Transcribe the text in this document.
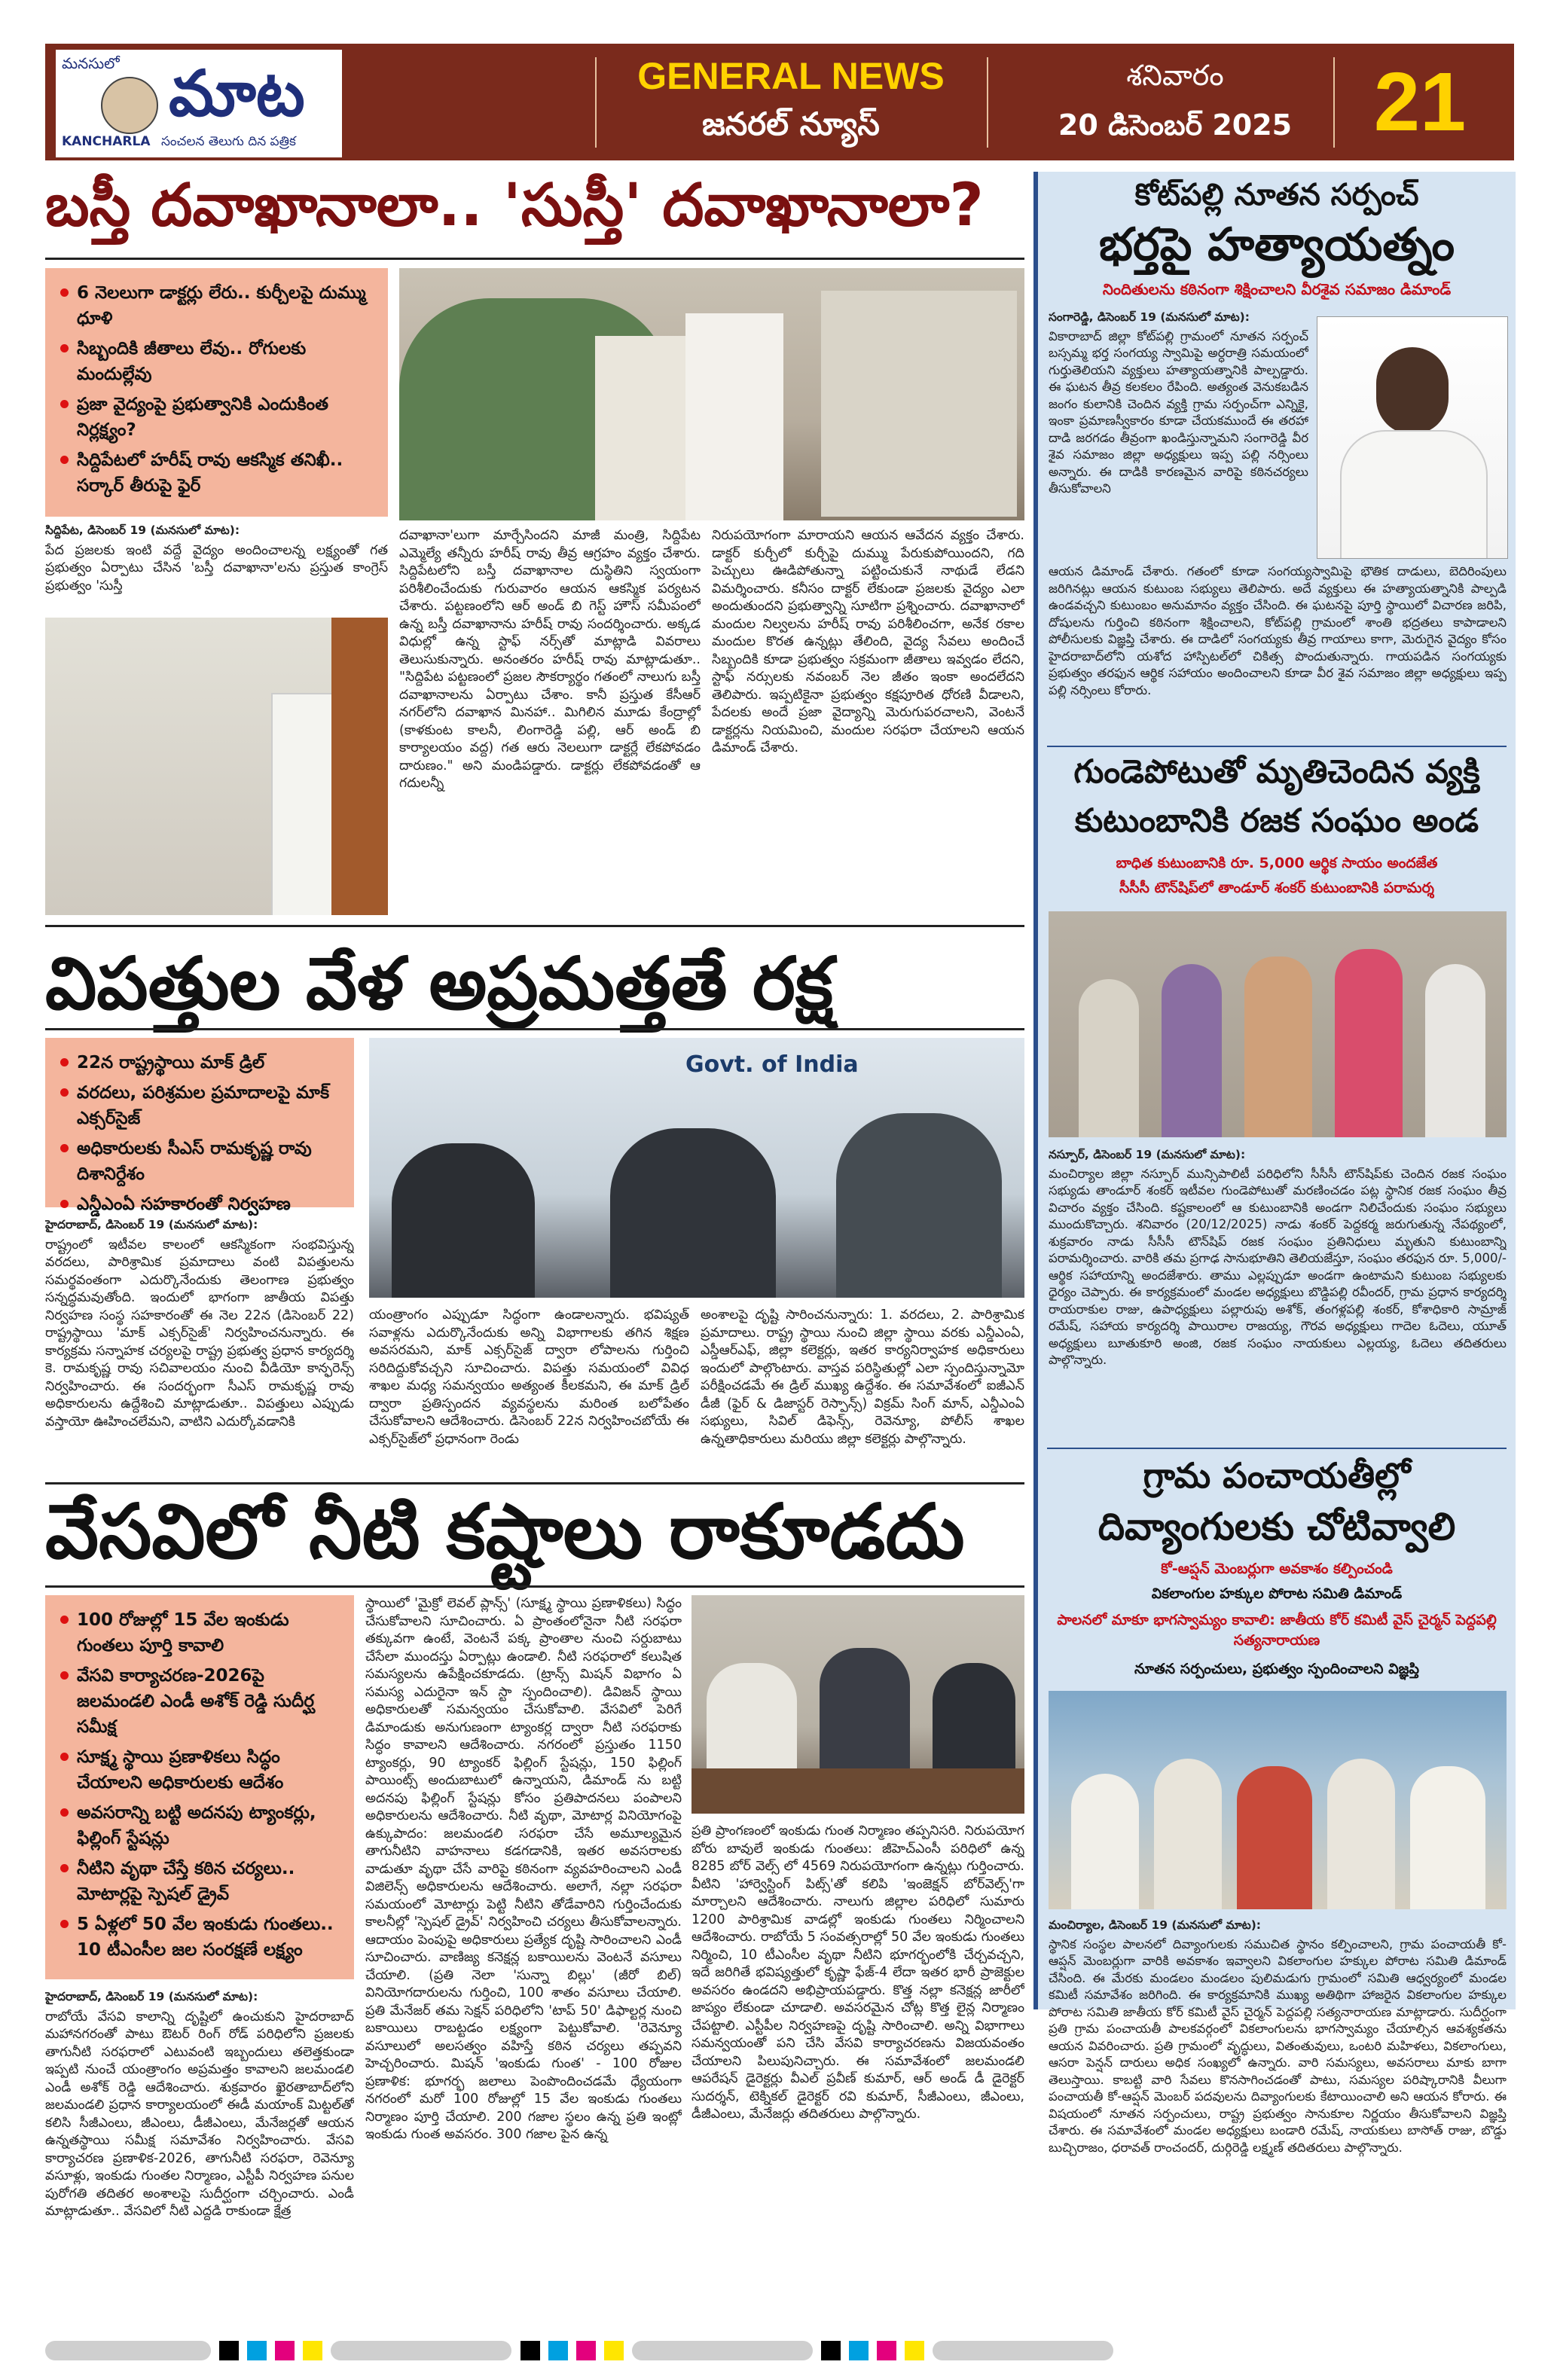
మనసులో మాట
KANCHARLA సంచలన తెలుగు దిన పత్రిక
GENERAL NEWS
జనరల్ న్యూస్
శనివారం
20 డిసెంబర్ 2025 21
బస్తీ దవాఖానాలా.. 'సుస్తీ' దవాఖానాలా?
6 నెలలుగా డాక్టర్లు లేరు.. కుర్చీలపై దుమ్ము ధూళి
సిబ్బందికి జీతాలు లేవు.. రోగులకు మందుల్లేవు
ప్రజా వైద్యంపై ప్రభుత్వానికి ఎందుకింత నిర్లక్ష్యం?
సిద్దిపేటలో హరీష్ రావు ఆకస్మిక తనిఖీ.. సర్కార్ తీరుపై ఫైర్
సిద్దిపేట, డిసెంబర్ 19 (మనసులో మాట):
పేద ప్రజలకు ఇంటి వద్దే వైద్యం అందించాలన్న లక్ష్యంతో గత ప్రభుత్వం ఏర్పాటు చేసిన 'బస్తీ దవాఖానా'లను ప్రస్తుత కాంగ్రెస్ ప్రభుత్వం 'సుస్తీ
దవాఖానా'లుగా మార్చేసిందని మాజీ మంత్రి, సిద్దిపేట ఎమ్మెల్యే తన్నీరు హరీష్ రావు తీవ్ర ఆగ్రహం వ్యక్తం చేశారు. సిద్దిపేటలోని బస్తీ దవాఖానాల దుస్థితిని స్వయంగా పరిశీలించేందుకు గురువారం ఆయన ఆకస్మిక పర్యటన చేశారు. పట్టణంలోని ఆర్ అండ్ బి గెస్ట్ హౌస్ సమీపంలో ఉన్న బస్తీ దవాఖానాను హరీష్ రావు సందర్శించారు. అక్కడ విధుల్లో ఉన్న స్టాఫ్ నర్స్‌తో మాట్లాడి వివరాలు తెలుసుకున్నారు. అనంతరం హరీష్ రావు మాట్లాడుతూ.. "సిద్దిపేట పట్టణంలో ప్రజల సౌకర్యార్థం గతంలో నాలుగు బస్తీ దవాఖానాలను ఏర్పాటు చేశాం. కానీ ప్రస్తుత కేసీఆర్ నగర్‌లోని దవాఖాన మినహా.. మిగిలిన మూడు కేంద్రాల్లో (కాళకుంట కాలనీ, లింగారెడ్డి పల్లి, ఆర్ అండ్ బి కార్యాలయం వద్ద) గత ఆరు నెలలుగా డాక్టర్లే లేకపోవడం దారుణం." అని మండిపడ్డారు. డాక్టర్లు లేకపోవడంతో ఆ గదులన్నీ
నిరుపయోగంగా మారాయని ఆయన ఆవేదన వ్యక్తం చేశారు. డాక్టర్ కుర్చీలో కుర్చీపై దుమ్ము పేరుకుపోయిందని, గది పెచ్చులు ఊడిపోతున్నా పట్టించుకునే నాథుడే లేడని విమర్శించారు. కనీసం దాక్టర్ లేకుండా ప్రజలకు వైద్యం ఎలా అందుతుందని ప్రభుత్వాన్ని సూటిగా ప్రశ్నించారు. దవాఖానాలో మందుల నిల్వలను హరీష్ రావు పరిశీలించగా, అనేక రకాల మందుల కొరత ఉన్నట్లు తేలింది, వైద్య సేవలు అందించే సిబ్బందికి కూడా ప్రభుత్వం సక్రమంగా జీతాలు ఇవ్వడం లేదని, స్టాఫ్ నర్సులకు నవంబర్ నెల జీతం ఇంకా అందలేదని తెలిపారు. ఇప్పటికైనా ప్రభుత్వం కక్షపూరిత ధోరణి వీడాలని, పేదలకు అందే ప్రజా వైద్యాన్ని మెరుగుపరచాలని, వెంటనే డాక్టర్లను నియమించి, మందుల సరఫరా చేయాలని ఆయన డిమాండ్ చేశారు.
విపత్తుల వేళ అప్రమత్తతే రక్ష
22న రాష్ట్రస్థాయి మాక్ డ్రిల్
వరదలు, పరిశ్రమల ప్రమాదాలపై మాక్ ఎక్సర్‌సైజ్
అధికారులకు సీఎస్ రామకృష్ణ రావు దిశానిర్దేశం
ఎన్డీఎంఏ సహకారంతో నిర్వహణ
Govt. of India
హైదరాబాద్, డిసెంబర్ 19 (మనసులో మాట):
రాష్ట్రంలో ఇటీవల కాలంలో ఆకస్మికంగా సంభవిస్తున్న వరదలు, పారిశ్రామిక ప్రమాదాలు వంటి విపత్తులను సమర్థవంతంగా ఎదుర్కొనేందుకు తెలంగాణ ప్రభుత్వం సన్నద్ధమవుతోంది. ఇందులో భాగంగా జాతీయ విపత్తు నిర్వహణ సంస్థ సహకారంతో ఈ నెల 22న (డిసెంబర్ 22) రాష్ట్రస్థాయి 'మాక్ ఎక్సర్‌సైజ్' నిర్వహించనున్నారు. ఈ కార్యక్రమ సన్నాహక చర్యలపై రాష్ట్ర ప్రభుత్వ ప్రధాన కార్యదర్శి కె. రామకృష్ణ రావు సచివాలయం నుంచి వీడియో కాన్ఫరెన్స్ నిర్వహించారు. ఈ సందర్భంగా సీఎస్ రామకృష్ణ రావు అధికారులను ఉద్దేశించి మాట్లాడుతూ.. విపత్తులు ఎప్పుడు వస్తాయో ఊహించలేమని, వాటిని ఎదుర్కోవడానికి
యంత్రాంగం ఎప్పుడూ సిద్ధంగా ఉండాలన్నారు. భవిష్యత్ సవాళ్లను ఎదుర్కొనేందుకు అన్ని విభాగాలకు తగిన శిక్షణ అవసరమని, మాక్ ఎక్సర్‌సైజ్ ద్వారా లోపాలను గుర్తించి సరిదిద్దుకోవచ్చని సూచించారు. విపత్తు సమయంలో వివిధ శాఖల మధ్య సమన్వయం అత్యంత కీలకమని, ఈ మాక్ డ్రిల్ ద్వారా ప్రతిస్పందన వ్యవస్థలను మరింత బలోపేతం చేసుకోవాలని ఆదేశించారు. డిసెంబర్ 22న నిర్వహించబోయే ఈ ఎక్సర్‌సైజ్‌లో ప్రధానంగా రెండు
అంశాలపై దృష్టి సారించనున్నారు: 1. వరదలు, 2. పారిశ్రామిక ప్రమాదాలు. రాష్ట్ర స్థాయి నుంచి జిల్లా స్థాయి వరకు ఎన్డీఎంఏ, ఎస్డీఆర్ఎఫ్, జిల్లా కలెక్టర్లు, ఇతర కార్యనిర్వాహక అధికారులు ఇందులో పాల్గొంటారు. వాస్తవ పరిస్థితుల్లో ఎలా స్పందిస్తున్నామో పరీక్షించడమే ఈ డ్రిల్ ముఖ్య ఉద్దేశం. ఈ సమావేశంలో ఐజీఎన్ డీజీ (ఫైర్ & డిజాస్టర్ రెస్పాన్స్) విక్రమ్ సింగ్ మాన్, ఎన్డీఎంఏ సభ్యులు, సివిల్ డిఫెన్స్, రెవెన్యూ, పోలీస్ శాఖల ఉన్నతాధికారులు మరియు జిల్లా కలెక్టర్లు పాల్గొన్నారు.
వేసవిలో నీటి కష్టాలు రాకూడదు
100 రోజుల్లో 15 వేల ఇంకుడు గుంతలు పూర్తి కావాలి
వేసవి కార్యాచరణ-2026పై జలమండలి ఎండీ అశోక్ రెడ్డి సుదీర్ఘ సమీక్ష
సూక్ష్మ స్థాయి ప్రణాళికలు సిద్ధం చేయాలని అధికారులకు ఆదేశం
అవసరాన్ని బట్టి అదనపు ట్యాంకర్లు, ఫిల్లింగ్ స్టేషన్లు
నీటిని వృథా చేస్తే కఠిన చర్యలు.. మోటార్లపై స్పెషల్ డ్రైవ్
5 ఏళ్లలో 50 వేల ఇంకుడు గుంతలు.. 10 టీఎంసీల జల సంరక్షణే లక్ష్యం
హైదరాబాద్, డిసెంబర్ 19 (మనసులో మాట):
రాబోయే వేసవి కాలాన్ని దృష్టిలో ఉంచుకుని హైదరాబాద్ మహానగరంతో పాటు ఔటర్ రింగ్ రోడ్ పరిధిలోని ప్రజలకు తాగునీటి సరఫరాలో ఎటువంటి ఇబ్బందులు తలెత్తకుండా ఇప్పటి నుంచే యంత్రాంగం అప్రమత్తం కావాలని జలమండలి ఎండీ అశోక్ రెడ్డి ఆదేశించారు. శుక్రవారం ఖైరతాబాద్‌లోని జలమండలి ప్రధాన కార్యాలయంలో ఈడీ మయాంక్ మిట్టల్‌తో కలిసి సీజీఎంలు, జీఎంలు, డీజీఎంలు, మేనేజర్లతో ఆయన ఉన్నతస్థాయి సమీక్ష సమావేశం నిర్వహించారు. వేసవి కార్యాచరణ ప్రణాళిక-2026, తాగునీటి సరఫరా, రెవెన్యూ వసూళ్లు, ఇంకుడు గుంతల నిర్మాణం, ఎస్టీపీ నిర్వహణ పనుల పురోగతి తదితర అంశాలపై సుదీర్ఘంగా చర్చించారు. ఎండీ మాట్లాడుతూ.. వేసవిలో నీటి ఎద్దడి రాకుండా క్షేత్ర
స్థాయిలో 'మైక్రో లెవల్ ప్లాన్స్' (సూక్ష్మ స్థాయి ప్రణాళికలు) సిద్ధం చేసుకోవాలని సూచించారు. ఏ ప్రాంతంలోనైనా నీటి సరఫరా తక్కువగా ఉంటే, వెంటనే పక్క ప్రాంతాల నుంచి సర్దుబాటు చేసేలా ముందస్తు ఏర్పాట్లు ఉండాలి. నీటి సరఫరాలో కలుషిత సమస్యలను ఉపేక్షించకూడదు. (ట్రాన్స్ మిషన్ విభాగం ఏ సమస్య ఎదురైనా ఇన్ స్టా స్పందించాలి). డివిజన్ స్థాయి అధికారులతో సమన్వయం చేసుకోవాలి. వేసవిలో పెరిగే డిమాండుకు అనుగుణంగా ట్యాంకర్ల ద్వారా నీటి సరఫరాకు సిద్ధం కావాలని ఆదేశించారు. నగరంలో ప్రస్తుతం 1150 ట్యాంకర్లు, 90 ట్యాంకర్ ఫిల్లింగ్ స్టేషన్లు, 150 ఫిల్లింగ్ పాయింట్స్ అందుబాటులో ఉన్నాయని, డిమాండ్ ను బట్టి అదనపు ఫిల్లింగ్ స్టేషన్లు కోసం ప్రతిపాదనలు పంపాలని అధికారులను ఆదేశించారు. నీటి వృథా, మోటార్ల వినియోగంపై ఉక్కుపాదం: జలమండలి సరఫరా చేసే అమూల్యమైన తాగునీటిని వాహనాలు కడగడానికి, ఇతర అవసరాలకు వాడుతూ వృథా చేసే వారిపై కఠినంగా వ్యవహరించాలని ఎండీ విజిలెన్స్ అధికారులను ఆదేశించారు. అలాగే, నల్లా సరఫరా సమయంలో మోటార్లు పెట్టి నీటిని తోడేవారిని గుర్తించేందుకు కాలనీల్లో 'స్పెషల్ డ్రైవ్' నిర్వహించి చర్యలు తీసుకోవాలన్నారు. ఆదాయం పెంపుపై అధికారులు ప్రత్యేక దృష్టి సారించాలని ఎండీ సూచించారు. వాణిజ్య కనెక్షన్ల బకాయిలను వెంటనే వసూలు చేయాలి. (ప్రతి నెలా 'సున్నా బిల్లు' (జీరో బిల్) వినియోగదారులను గుర్తించి, 100 శాతం వసూలు చేయాలి. ప్రతి మేనేజర్ తమ సెక్షన్ పరిధిలోని 'టాప్ 50' డిఫాల్టర్ల నుంచి బకాయిలు రాబట్టడం లక్ష్యంగా పెట్టుకోవాలి. 'రెవెన్యూ వసూలులో అలసత్వం వహిస్తే కఠిన చర్యలు తప్పవని హెచ్చరించారు. మిషన్ 'ఇంకుడు గుంత' - 100 రోజుల ప్రణాళిక: భూగర్భ జలాలు పెంపొందించడమే ధ్యేయంగా నగరంలో మరో 100 రోజుల్లో 15 వేల ఇంకుడు గుంతలు నిర్మాణం పూర్తి చేయాలి. 200 గజాల స్థలం ఉన్న ప్రతి ఇంట్లో ఇంకుడు గుంత అవసరం. 300 గజాల పైన ఉన్న
ప్రతి ప్రాంగణంలో ఇంకుడు గుంత నిర్మాణం తప్పనిసరి. నిరుపయోగ బోరు బావులే ఇంకుడు గుంతలు: జీహెచ్ఎంసీ పరిధిలో ఉన్న 8285 బోర్ వెల్స్ లో 4569 నిరుపయోగంగా ఉన్నట్లు గుర్తించారు. వీటిని 'హార్వెస్టింగ్ పిట్స్'తో కలిపి 'ఇంజెక్షన్ బోర్‌వెల్స్'గా మార్చాలని ఆదేశించారు. నాలుగు జిల్లాల పరిధిలో సుమారు 1200 పారిశ్రామిక వాడల్లో ఇంకుడు గుంతలు నిర్మించాలని ఆదేశించారు. రాబోయే 5 సంవత్సరాల్లో 50 వేల ఇంకుడు గుంతలు నిర్మించి, 10 టీఎంసీల వృథా నీటిని భూగర్భంలోకి చేర్చవచ్చని, ఇదే జరిగితే భవిష్యత్తులో కృష్ణా ఫేజ్-4 లేదా ఇతర భారీ ప్రాజెక్టుల అవసరం ఉండదని అభిప్రాయపడ్డారు. కొత్త నల్లా కనెక్షన్ల జారీలో జాప్యం లేకుండా చూడాలి. అవసరమైన చోట్ల కొత్త లైన్ల నిర్మాణం చేపట్టాలి. ఎస్టీపీల నిర్వహణపై దృష్టి సారించాలి. అన్ని విభాగాలు సమన్వయంతో పని చేసి వేసవి కార్యాచరణను విజయవంతం చేయాలని పిలుపునిచ్చారు. ఈ సమావేశంలో జలమండలి ఆపరేషన్ డైరెక్టర్లు వీఎల్ ప్రవీణ్ కుమార్, ఆర్ అండ్ డీ డైరెక్టర్ సుదర్శన్, టెక్నికల్ డైరెక్టర్ రవి కుమార్, సీజీఎంలు, జీఎంలు, డీజీఎంలు, మేనేజర్లు తదితరులు పాల్గొన్నారు.
కోట్‌పల్లి నూతన సర్పంచ్
భర్తపై హత్యాయత్నం
నిందితులను కఠినంగా శిక్షించాలని వీరశైవ సమాజం డిమాండ్
సంగారెడ్డి, డిసెంబర్ 19 (మనసులో మాట):
వికారాబాద్ జిల్లా కోట్‌పల్లి గ్రామంలో నూతన సర్పంచ్ బస్సమ్మ భర్త సంగయ్య స్వామిపై అర్ధరాత్రి సమయంలో గుర్తుతెలియని వ్యక్తులు హత్యాయత్నానికి పాల్పడ్డారు. ఈ ఘటన తీవ్ర కలకలం రేపింది. అత్యంత వెనుకబడిన జంగం కులానికి చెందిన వ్యక్తి గ్రామ సర్పంచ్‌గా ఎన్నికై, ఇంకా ప్రమాణస్వీకారం కూడా చేయకముందే ఈ తరహా దాడి జరగడం తీవ్రంగా ఖండిస్తున్నామని సంగారెడ్డి వీర శైవ సమాజం జిల్లా అధ్యక్షులు ఇప్ప పల్లి నర్సింలు అన్నారు. ఈ దాడికి కారణమైన వారిపై కఠినచర్యలు తీసుకోవాలని
ఆయన డిమాండ్ చేశారు. గతంలో కూడా సంగయ్యస్వామిపై భౌతిక దాడులు, బెదిరింపులు జరిగినట్లు ఆయన కుటుంబ సభ్యులు తెలిపారు. అదే వ్యక్తులు ఈ హత్యాయత్నానికి పాల్పడి ఉండవచ్చని కుటుంబం అనుమానం వ్యక్తం చేసింది. ఈ ఘటనపై పూర్తి స్థాయిలో విచారణ జరిపి, దోషులను గుర్తించి కఠినంగా శిక్షించాలని, కోట్‌పల్లి గ్రామంలో శాంతి భద్రతలు కాపాడాలని పోలీసులకు విజ్ఞప్తి చేశారు. ఈ దాడిలో సంగయ్యకు తీవ్ర గాయాలు కాగా, మెరుగైన వైద్యం కోసం హైదరాబాద్‌లోని యశోద హాస్పిటల్‌లో చికిత్స పొందుతున్నారు. గాయపడిన సంగయ్యకు ప్రభుత్వం తరఫున ఆర్థిక సహాయం అందించాలని కూడా వీర శైవ సమాజం జిల్లా అధ్యక్షులు ఇప్ప పల్లి నర్సింలు కోరారు.
గుండెపోటుతో మృతిచెందిన వ్యక్తి
కుటుంబానికి రజక సంఘం అండ
బాధిత కుటుంబానికి రూ. 5,000 ఆర్థిక సాయం అందజేత
సీసీసీ టౌన్‌షిప్‌లో తాండూర్ శంకర్ కుటుంబానికి పరామర్శ
నస్పూర్, డిసెంబర్ 19 (మనసులో మాట):
మంచిర్యాల జిల్లా నస్పూర్ మున్సిపాలిటీ పరిధిలోని సీసీసీ టౌన్‌షిప్‌కు చెందిన రజక సంఘం సభ్యుడు తాండూర్ శంకర్ ఇటీవల గుండెపోటుతో మరణించడం పట్ల స్థానిక రజక సంఘం తీవ్ర విచారం వ్యక్తం చేసింది. కష్టకాలంలో ఆ కుటుంబానికి అండగా నిలిచేందుకు సంఘం సభ్యులు ముందుకొచ్చారు. శనివారం (20/12/2025) నాడు శంకర్ పెద్దకర్మ జరుగుతున్న నేపథ్యంలో, శుక్రవారం నాడు సీసీసీ టౌన్‌షిప్ రజక సంఘం ప్రతినిధులు మృతుని కుటుంబాన్ని పరామర్శించారు. వారికి తమ ప్రగాఢ సానుభూతిని తెలియజేస్తూ, సంఘం తరఫున రూ. 5,000/- ఆర్థిక సహాయాన్ని అందజేశారు. తాము ఎల్లప్పుడూ అండగా ఉంటామని కుటుంబ సభ్యులకు ధైర్యం చెప్పారు. ఈ కార్యక్రమంలో మండల అధ్యక్షులు బొడ్డిపల్లి రవీందర్, గ్రామ ప్రధాన కార్యదర్శి రాయరాకుల రాజు, ఉపాధ్యక్షులు పల్లారుపు అశోక్, తంగళ్లపల్లి శంకర్, కోశాధికారి సామ్రాజ్ రమేష్, సహాయ కార్యదర్శి పాయిరాల రాజయ్య, గౌరవ అధ్యక్షులు గాదెల ఓదెలు, యూత్ అధ్యక్షులు బూతుకూరి అంజి, రజక సంఘం నాయకులు ఎల్లయ్య, ఓదెలు తదితరులు పాల్గొన్నారు.
గ్రామ పంచాయతీల్లో
దివ్యాంగులకు చోటివ్వాలి
కో-ఆప్షన్ మెంబర్లుగా అవకాశం కల్పించండి
వికలాంగుల హక్కుల పోరాట సమితి డిమాండ్
పాలనలో మాకూ భాగస్వామ్యం కావాలి: జాతీయ కోర్ కమిటీ వైస్ చైర్మన్ పెద్దపల్లి సత్యనారాయణ
నూతన సర్పంచులు, ప్రభుత్వం స్పందించాలని విజ్ఞప్తి
మంచిర్యాల, డిసెంబర్ 19 (మనసులో మాట):
స్థానిక సంస్థల పాలనలో దివ్యాంగులకు సముచిత స్థానం కల్పించాలని, గ్రామ పంచాయతీ కో-ఆప్షన్ మెంబర్లుగా వారికి అవకాశం ఇవ్వాలని వికలాంగుల హక్కుల పోరాట సమితి డిమాండ్ చేసింది. ఈ మేరకు మండలం మండలం పులిమడుగు గ్రామంలో సమితి ఆధ్వర్యంలో మండల కమిటీ సమావేశం జరిగింది. ఈ కార్యక్రమానికి ముఖ్య అతిథిగా హాజరైన వికలాంగుల హక్కుల పోరాట సమితి జాతీయ కోర్ కమిటీ వైస్ చైర్మన్ పెద్దపల్లి సత్యనారాయణ మాట్లాడారు. సుదీర్ఘంగా ప్రతి గ్రామ పంచాయతీ పాలకవర్గంలో వికలాంగులను భాగస్వామ్యం చేయాల్సిన ఆవశ్యకతను ఆయన వివరించారు. ప్రతి గ్రామంలో వృద్ధులు, వితంతువులు, ఒంటరి మహిళలు, వికలాంగులు, ఆసరా పెన్షన్ దారులు అధిక సంఖ్యలో ఉన్నారు. వారి సమస్యలు, అవసరాలు మాకు బాగా తెలుస్తాయి. కాబట్టి వారి సేవలు కొనసాగించడంతో పాటు, సమస్యల పరిష్కారానికి వీలుగా పంచాయతీ కో-ఆప్షన్ మెంబర్ పదవులను దివ్యాంగులకు కేటాయించాలి అని ఆయన కోరారు. ఈ విషయంలో నూతన సర్పంచులు, రాష్ట్ర ప్రభుత్వం సానుకూల నిర్ణయం తీసుకోవాలని విజ్ఞప్తి చేశారు. ఈ సమావేశంలో మండల అధ్యక్షులు బండారి రమేష్, నాయకులు బాసోత్ రాజు, బొడ్డు బుచ్చిరాజం, ధరావత్ రాంచందర్, దుర్గిరెడ్డి లక్ష్మణ్ తదితరులు పాల్గొన్నారు.
